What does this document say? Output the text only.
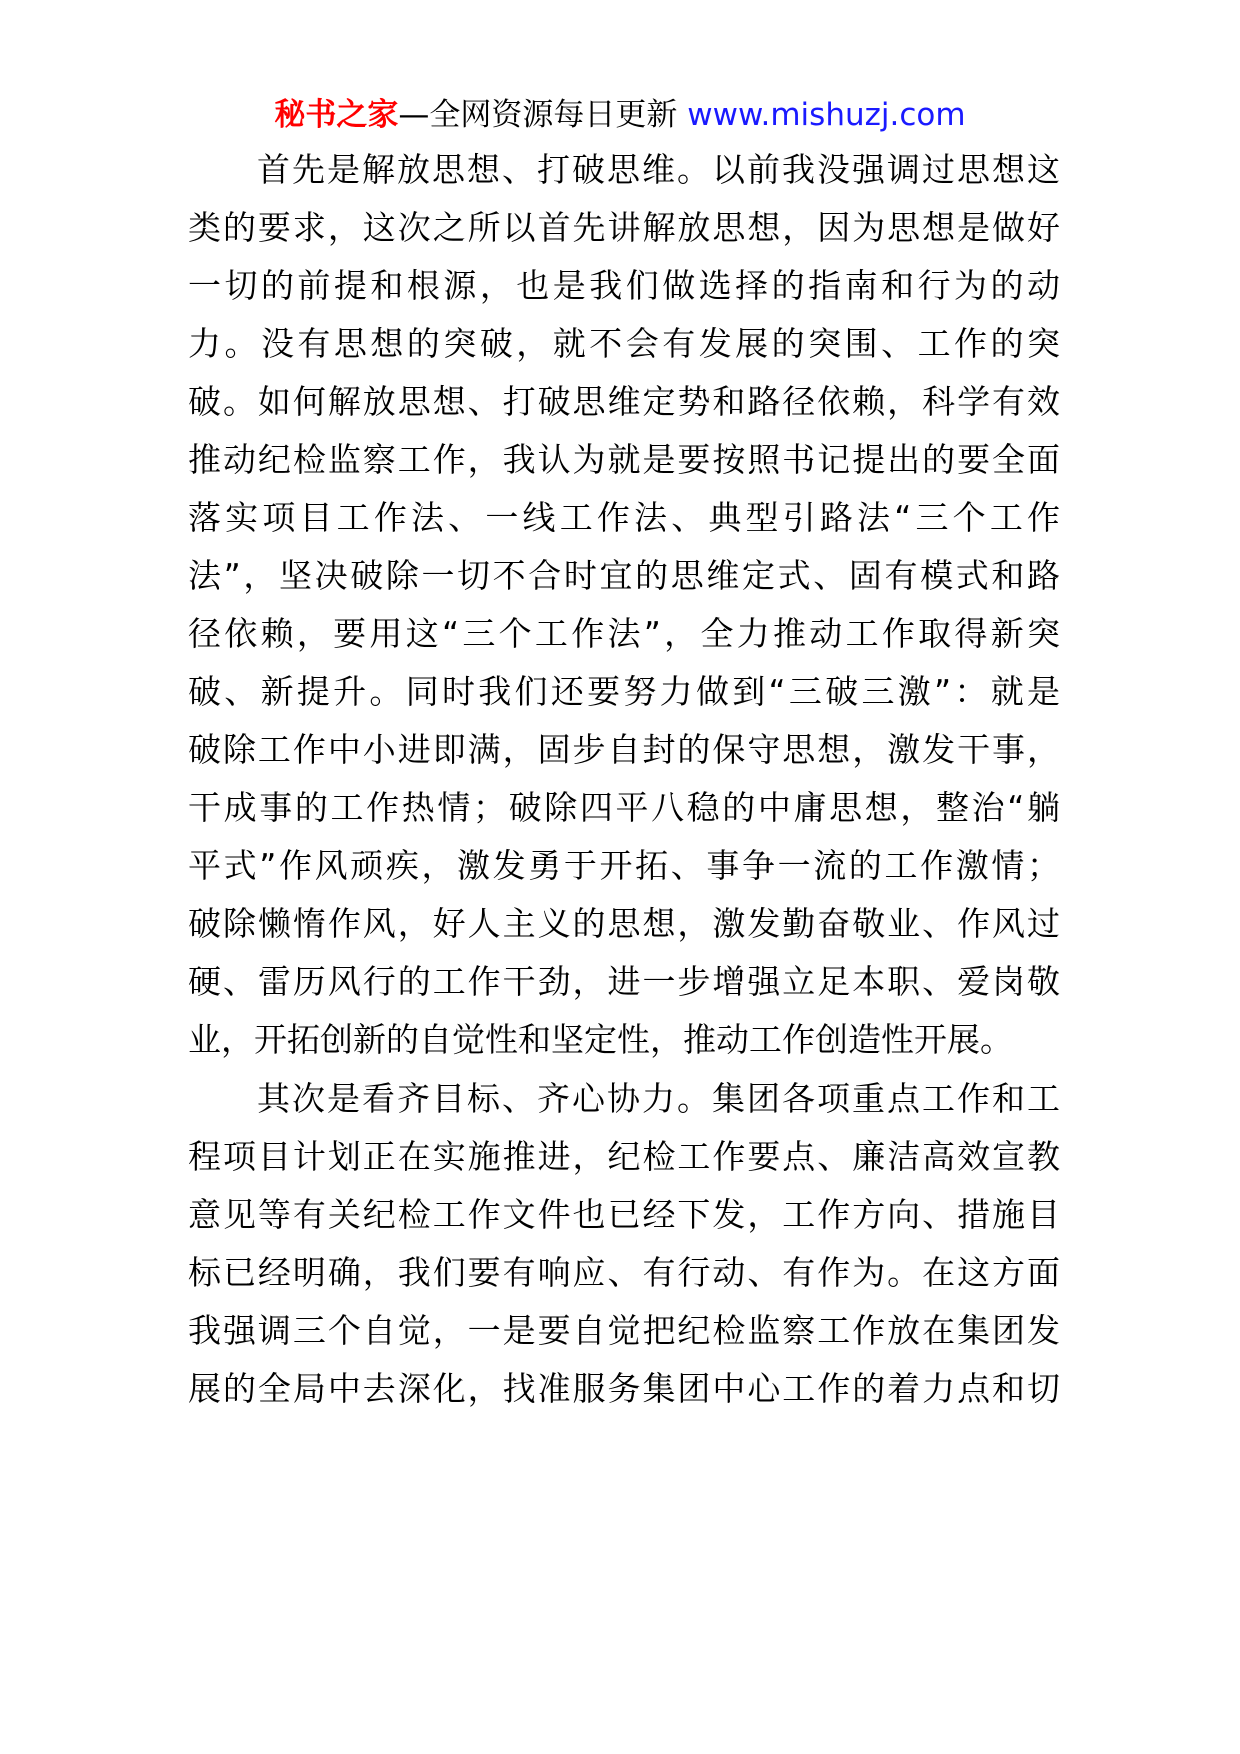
秘书之家—全网资源每日更新 www.mishuzj.com
首先是解放思想、打破思维。以前我没强调过思想这
类的要求，这次之所以首先讲解放思想，因为思想是做好
一切的前提和根源，也是我们做选择的指南和行为的动
力。没有思想的突破，就不会有发展的突围、工作的突
破。如何解放思想、打破思维定势和路径依赖，科学有效
推动纪检监察工作，我认为就是要按照书记提出的要全面
落实项目工作法、一线工作法、典型引路法“三个工作
法”，坚决破除一切不合时宜的思维定式、固有模式和路
径依赖，要用这“三个工作法”，全力推动工作取得新突
破、新提升。同时我们还要努力做到“三破三激”：就是
破除工作中小进即满，固步自封的保守思想，激发干事，
干成事的工作热情；破除四平八稳的中庸思想，整治“躺
平式”作风顽疾，激发勇于开拓、事争一流的工作激情；
破除懒惰作风，好人主义的思想，激发勤奋敬业、作风过
硬、雷历风行的工作干劲，进一步增强立足本职、爱岗敬
业，开拓创新的自觉性和坚定性，推动工作创造性开展。
其次是看齐目标、齐心协力。集团各项重点工作和工
程项目计划正在实施推进，纪检工作要点、廉洁高效宣教
意见等有关纪检工作文件也已经下发，工作方向、措施目
标已经明确，我们要有响应、有行动、有作为。在这方面
我强调三个自觉，一是要自觉把纪检监察工作放在集团发
展的全局中去深化，找准服务集团中心工作的着力点和切
